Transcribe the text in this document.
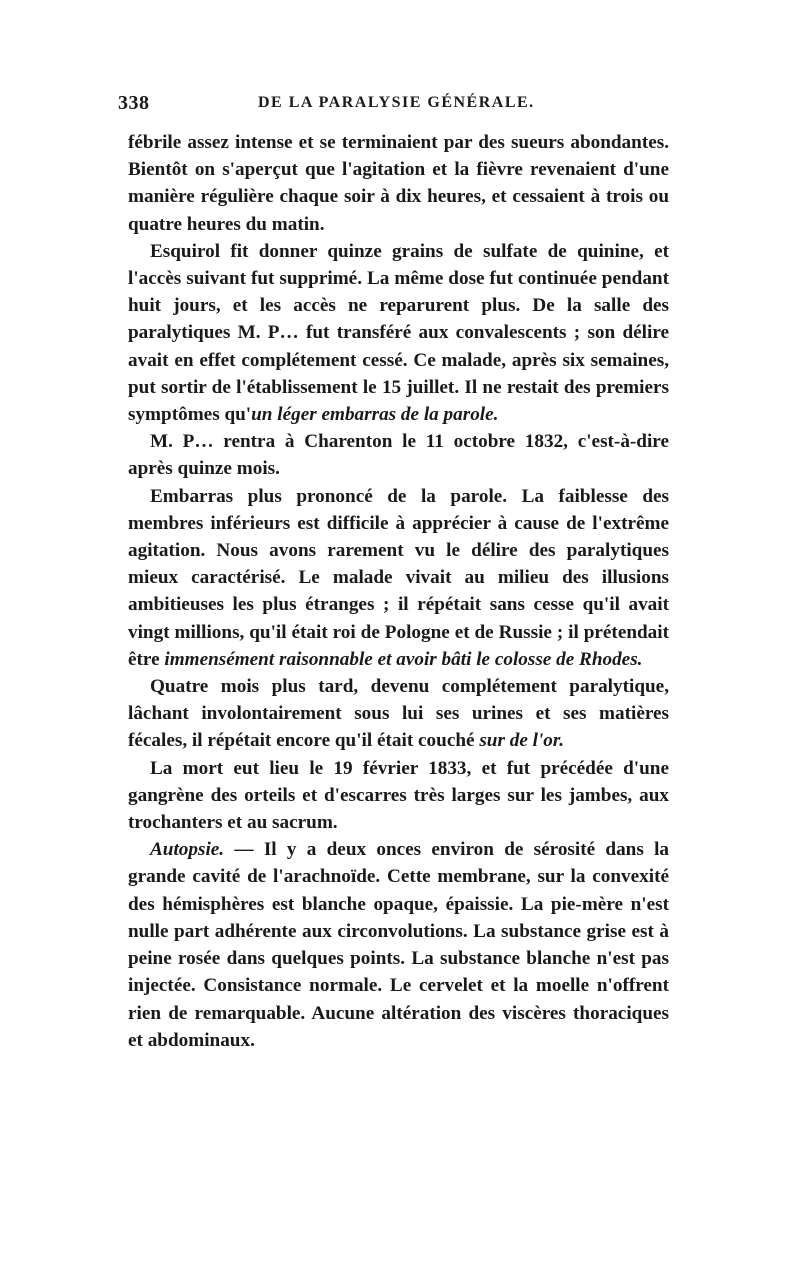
338	DE LA PARALYSIE GÉNÉRALE.

fébrile assez intense et se terminaient par des sueurs abondantes. Bientôt on s'aperçut que l'agitation et la fièvre revenaient d'une manière régulière chaque soir à dix heures, et cessaient à trois ou quatre heures du matin.

Esquirol fit donner quinze grains de sulfate de quinine, et l'accès suivant fut supprimé. La même dose fut continuée pendant huit jours, et les accès ne reparurent plus. De la salle des paralytiques M. P… fut transféré aux convalescents ; son délire avait en effet complétement cessé. Ce malade, après six semaines, put sortir de l'établissement le 15 juillet. Il ne restait des premiers symptômes qu'un léger embarras de la parole.

M. P… rentra à Charenton le 11 octobre 1832, c'est-à-dire après quinze mois.

Embarras plus prononcé de la parole. La faiblesse des membres inférieurs est difficile à apprécier à cause de l'extrême agitation. Nous avons rarement vu le délire des paralytiques mieux caractérisé. Le malade vivait au milieu des illusions ambitieuses les plus étranges ; il répétait sans cesse qu'il avait vingt millions, qu'il était roi de Pologne et de Russie ; il prétendait être immensément raisonnable et avoir bâti le colosse de Rhodes.

Quatre mois plus tard, devenu complétement paralytique, lâchant involontairement sous lui ses urines et ses matières fécales, il répétait encore qu'il était couché sur de l'or.

La mort eut lieu le 19 février 1833, et fut précédée d'une gangrène des orteils et d'escarres très larges sur les jambes, aux trochanters et au sacrum.

Autopsie. — Il y a deux onces environ de sérosité dans la grande cavité de l'arachnoïde. Cette membrane, sur la convexité des hémisphères est blanche opaque, épaissie. La pie-mère n'est nulle part adhérente aux circonvolutions. La substance grise est à peine rosée dans quelques points. La substance blanche n'est pas injectée. Consistance normale. Le cervelet et la moelle n'offrent rien de remarquable. Aucune altération des viscères thoraciques et abdominaux.
